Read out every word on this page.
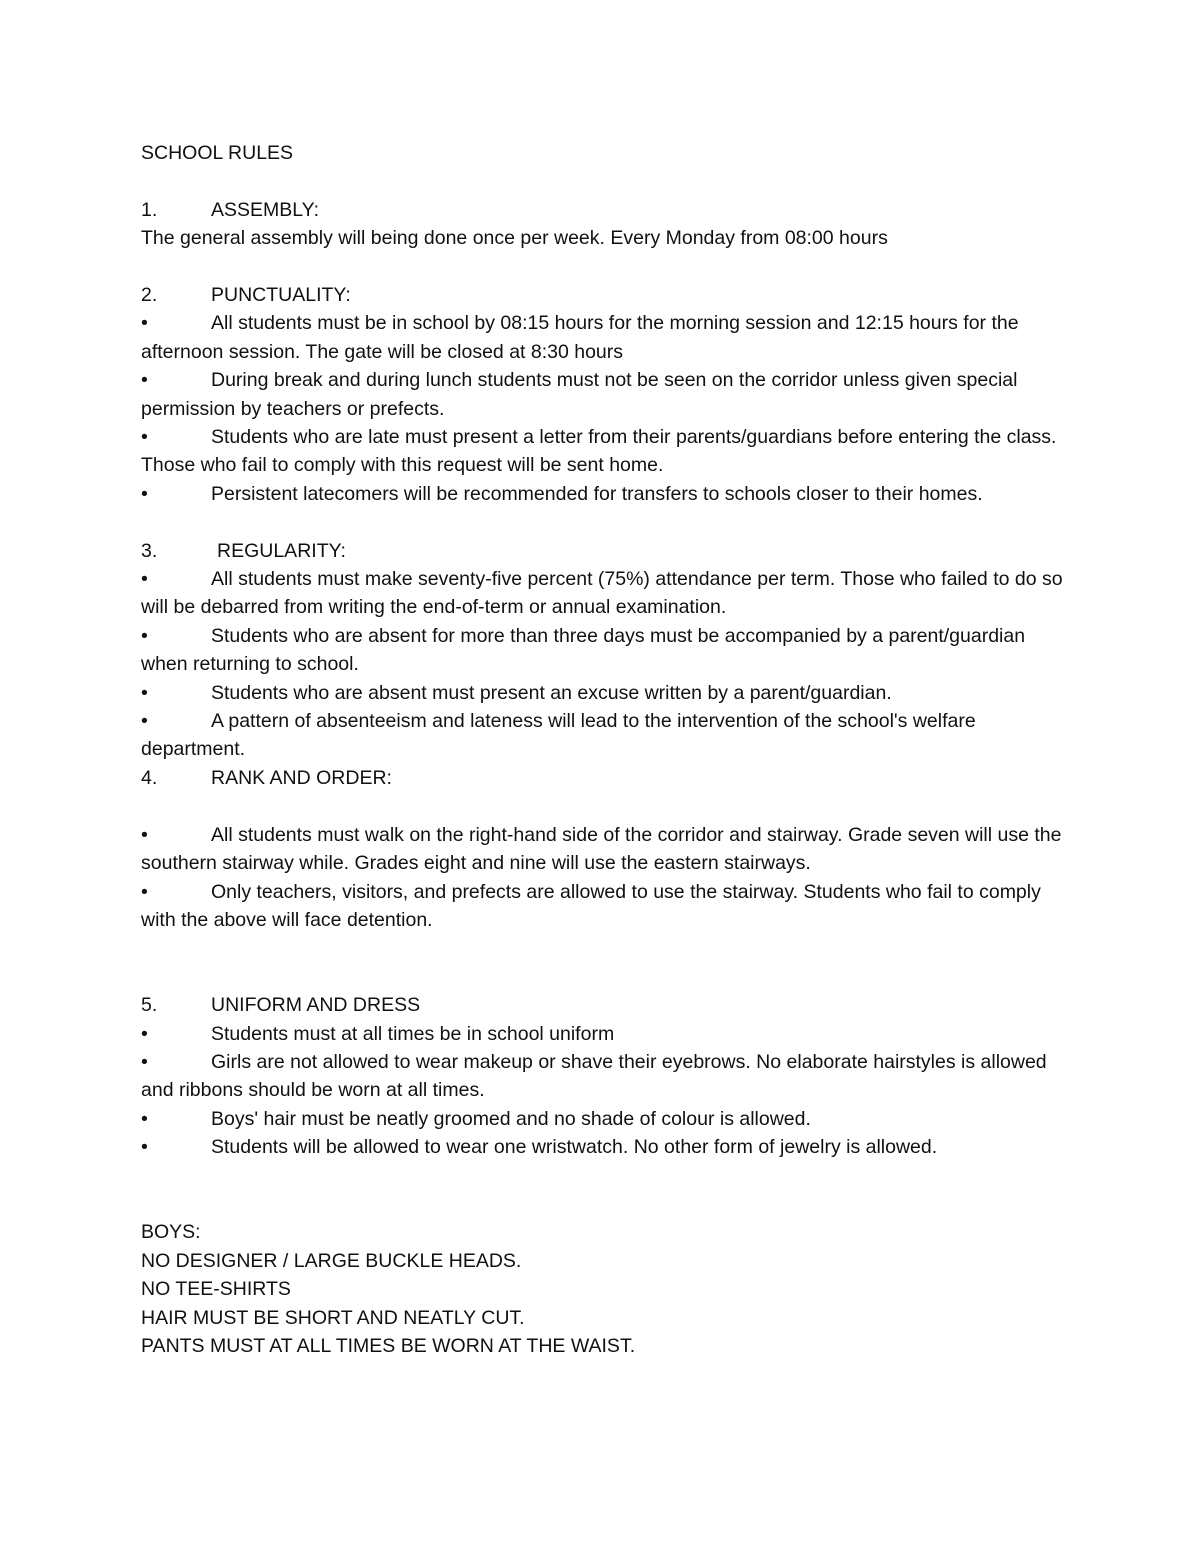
SCHOOL RULES

1.	ASSEMBLY:

The general assembly will being done once per week. Every Monday from 08:00 hours

2.	PUNCTUALITY:

•	All students must be in school by 08:15 hours for the morning session and 12:15 hours for the afternoon session. The gate will be closed at 8:30 hours

•	During break and during lunch students must not be seen on the corridor unless given special permission by teachers or prefects.

•	Students who are late must present a letter from their parents/guardians before entering the class. Those who fail to comply with this request will be sent home.

•	Persistent latecomers will be recommended for transfers to schools closer to their homes.

3.	REGULARITY:

•	All students must make seventy-five percent (75%) attendance per term. Those who failed to do so will be debarred from writing the end-of-term or annual examination.

•	Students who are absent for more than three days must be accompanied by a parent/guardian when returning to school.

•	Students who are absent must present an excuse written by a parent/guardian.

•	A pattern of absenteeism and lateness will lead to the intervention of the school's welfare department.

4.	RANK AND ORDER:

•	All students must walk on the right-hand side of the corridor and stairway. Grade seven will use the southern stairway while. Grades eight and nine will use the eastern stairways.

•	Only teachers, visitors, and prefects are allowed to use the stairway. Students who fail to comply with the above will face detention.

5.	UNIFORM AND DRESS

•	Students must at all times be in school uniform

•	Girls are not allowed to wear makeup or shave their eyebrows. No elaborate hairstyles is allowed and ribbons should be worn at all times.

•	Boys' hair must be neatly groomed and no shade of colour is allowed.

•	Students will be allowed to wear one wristwatch. No other form of jewelry is allowed.

BOYS:

NO DESIGNER / LARGE BUCKLE HEADS.

NO TEE-SHIRTS

HAIR MUST BE SHORT AND NEATLY CUT.

PANTS MUST AT ALL TIMES BE WORN AT THE WAIST.
